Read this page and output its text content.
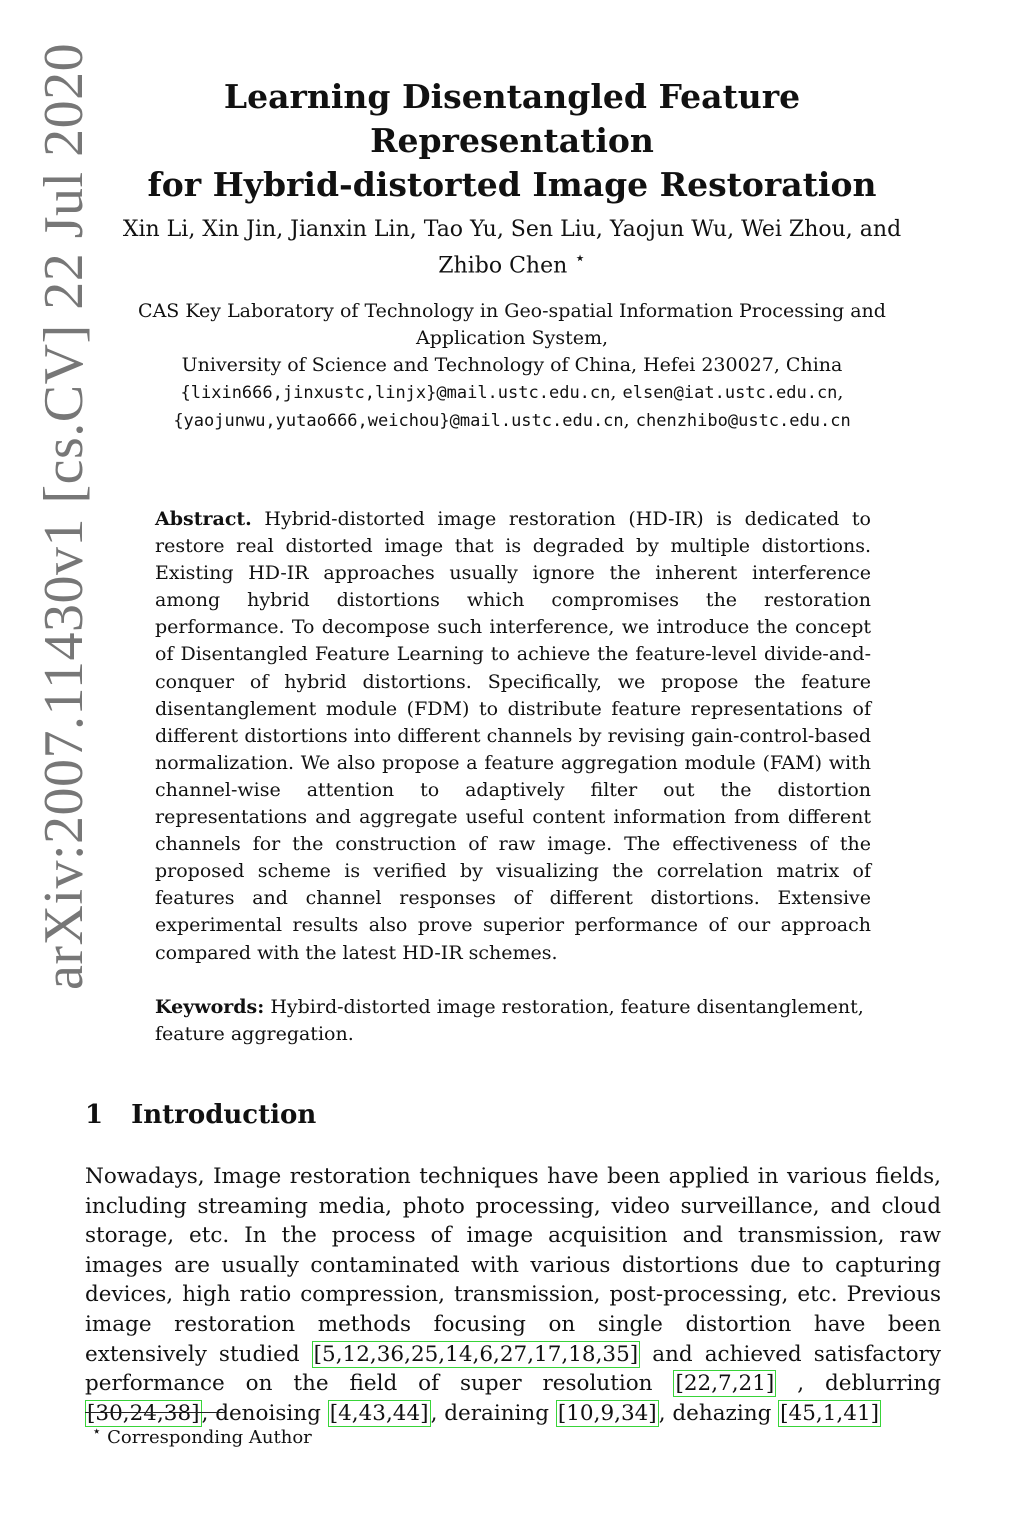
arXiv:2007.11430v1 [cs.CV] 22 Jul 2020	Learning Disentangled Feature Representation
for Hybrid-distorted Image Restoration

Xin Li, Xin Jin, Jianxin Lin, Tao Yu, Sen Liu, Yaojun Wu, Wei Zhou, and
Zhibo Chen ⋆

CAS Key Laboratory of Technology in Geo-spatial Information Processing and
Application System,
University of Science and Technology of China, Hefei 230027, China
{lixin666,jinxustc,linjx}@mail.ustc.edu.cn, elsen@iat.ustc.edu.cn,
{yaojunwu,yutao666,weichou}@mail.ustc.edu.cn, chenzhibo@ustc.edu.cn

Abstract. Hybrid-distorted image restoration (HD-IR) is dedicated to restore real distorted image that is degraded by multiple distortions. Existing HD-IR approaches usually ignore the inherent interference among hybrid distortions which compromises the restoration performance. To decompose such interference, we introduce the concept of Disentangled Feature Learning to achieve the feature-level divide-and-conquer of hybrid distortions. Specifically, we propose the feature disentanglement module (FDM) to distribute feature representations of different distortions into different channels by revising gain-control-based normalization. We also propose a feature aggregation module (FAM) with channel-wise attention to adaptively filter out the distortion representations and aggregate useful content information from different channels for the construction of raw image. The effectiveness of the proposed scheme is verified by visualizing the correlation matrix of features and channel responses of different distortions. Extensive experimental results also prove superior performance of our approach compared with the latest HD-IR schemes.

Keywords: Hybird-distorted image restoration, feature disentanglement, feature aggregation.

1 Introduction

Nowadays, Image restoration techniques have been applied in various fields, including streaming media, photo processing, video surveillance, and cloud storage, etc. In the process of image acquisition and transmission, raw images are usually contaminated with various distortions due to capturing devices, high ratio compression, transmission, post-processing, etc. Previous image restoration methods focusing on single distortion have been extensively studied [5,12,36,25,14,6,27,17,18,35] and achieved satisfactory performance on the field of super resolution [22,7,21] , deblurring [30,24,38], denoising [4,43,44], deraining [10,9,34], dehazing [45,1,41]

⋆ Corresponding Author
